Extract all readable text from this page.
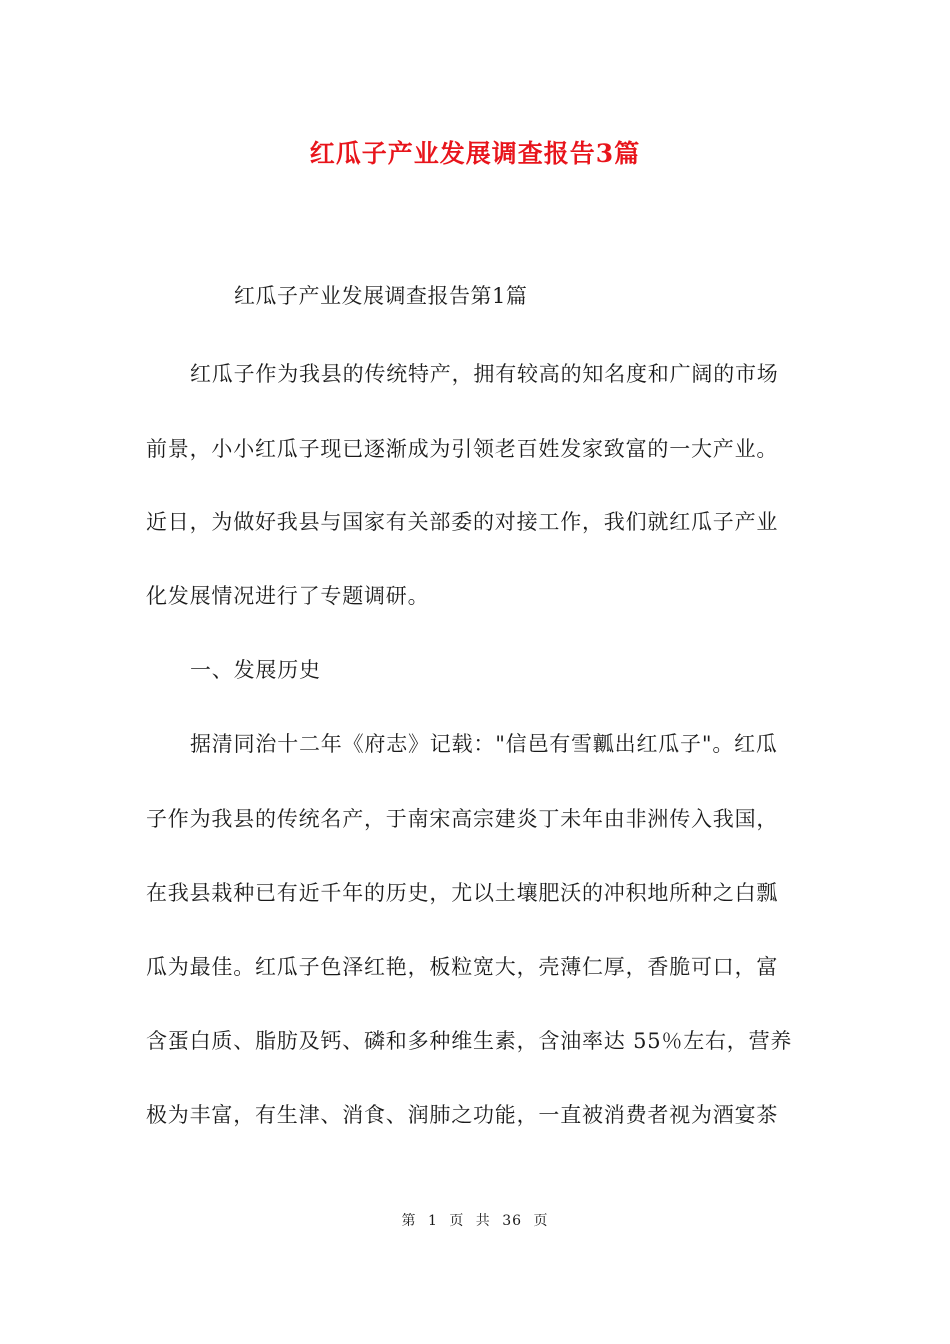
红瓜子产业发展调查报告3篇
红瓜子产业发展调查报告第1篇
红瓜子作为我县的传统特产，拥有较高的知名度和广阔的市场
前景，小小红瓜子现已逐渐成为引领老百姓发家致富的一大产业。
近日，为做好我县与国家有关部委的对接工作，我们就红瓜子产业
化发展情况进行了专题调研。
一、发展历史
据清同治十二年《府志》记载："信邑有雪瓤出红瓜子"。红瓜
子作为我县的传统名产，于南宋高宗建炎丁未年由非洲传入我国，
在我县栽种已有近千年的历史，尤以土壤肥沃的冲积地所种之白瓢
瓜为最佳。红瓜子色泽红艳，板粒宽大，壳薄仁厚，香脆可口，富
含蛋白质、脂肪及钙、磷和多种维生素，含油率达 55％左右，营养
极为丰富，有生津、消食、润肺之功能，一直被消费者视为酒宴茶
第 1 页 共 36 页
